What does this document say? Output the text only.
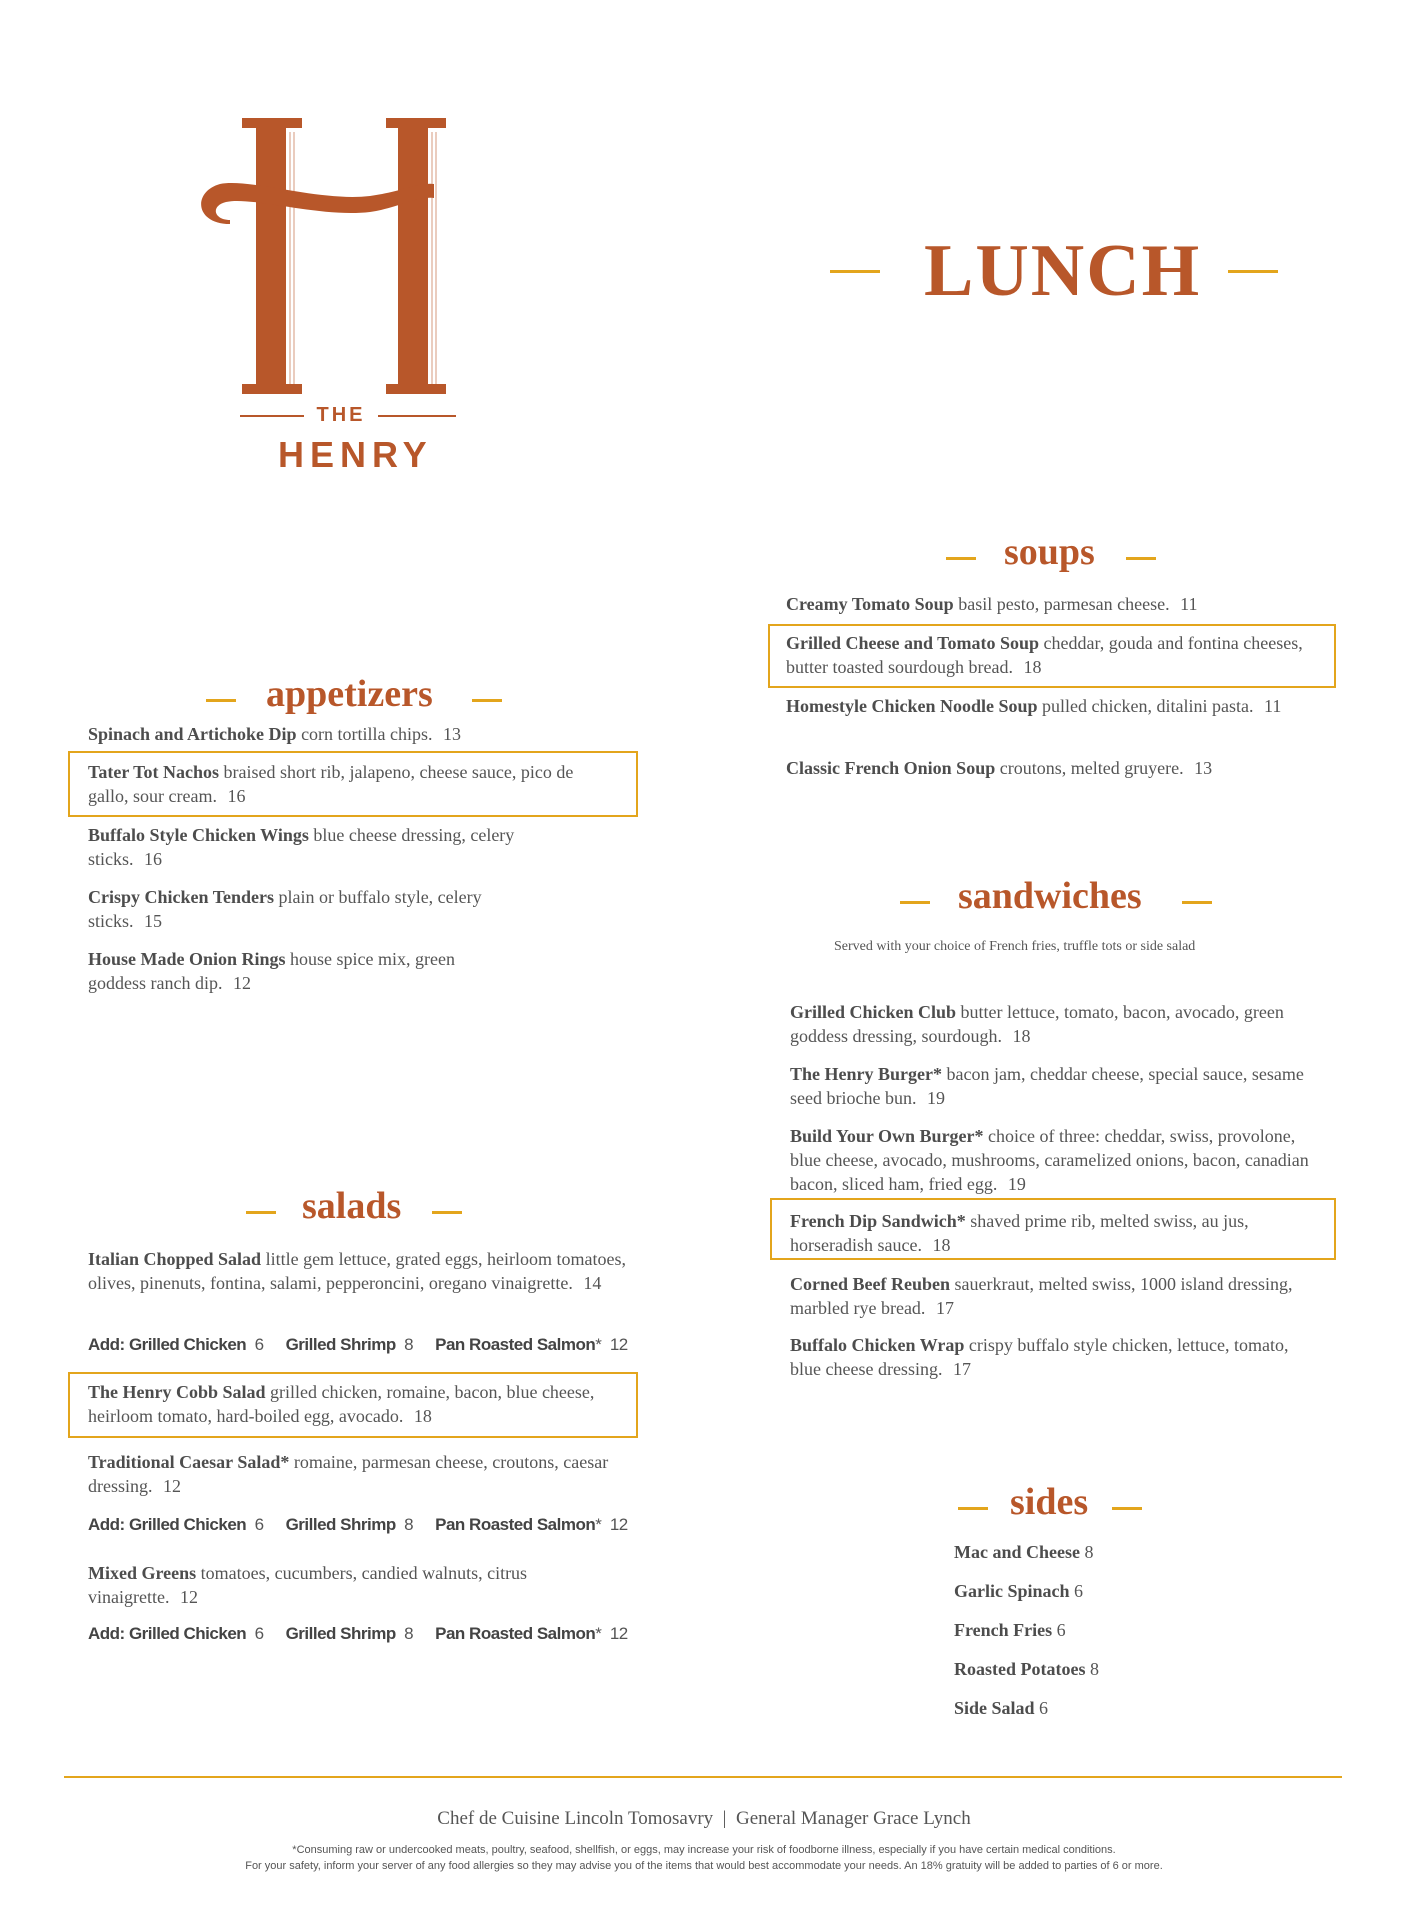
THE
HENRY
LUNCH
appetizers
Spinach and Artichoke Dip corn tortilla chips. 13
Tater Tot Nachos braised short rib, jalapeno, cheese sauce, pico de gallo, sour cream. 16
Buffalo Style Chicken Wings blue cheese dressing, celery sticks. 16
Crispy Chicken Tenders plain or buffalo style, celery sticks. 15
House Made Onion Rings house spice mix, green goddess ranch dip. 12
salads
Italian Chopped Salad little gem lettuce, grated eggs, heirloom tomatoes, olives, pinenuts, fontina, salami, pepperoncini, oregano vinaigrette. 14
Add: Grilled Chicken 6 Grilled Shrimp 8 Pan Roasted Salmon* 12
The Henry Cobb Salad grilled chicken, romaine, bacon, blue cheese, heirloom tomato, hard-boiled egg, avocado. 18
Traditional Caesar Salad* romaine, parmesan cheese, croutons, caesar dressing. 12
Add: Grilled Chicken 6 Grilled Shrimp 8 Pan Roasted Salmon* 12
Mixed Greens tomatoes, cucumbers, candied walnuts, citrus vinaigrette. 12
Add: Grilled Chicken 6 Grilled Shrimp 8 Pan Roasted Salmon* 12
soups
Creamy Tomato Soup basil pesto, parmesan cheese. 11
Grilled Cheese and Tomato Soup cheddar, gouda and fontina cheeses, butter toasted sourdough bread. 18
Homestyle Chicken Noodle Soup pulled chicken, ditalini pasta. 11
Classic French Onion Soup croutons, melted gruyere. 13
sandwiches
Served with your choice of French fries, truffle tots or side salad
Grilled Chicken Club butter lettuce, tomato, bacon, avocado, green goddess dressing, sourdough. 18
The Henry Burger* bacon jam, cheddar cheese, special sauce, sesame seed brioche bun. 19
Build Your Own Burger* choice of three: cheddar, swiss, provolone, blue cheese, avocado, mushrooms, caramelized onions, bacon, canadian bacon, sliced ham, fried egg. 19
French Dip Sandwich* shaved prime rib, melted swiss, au jus, horseradish sauce. 18
Corned Beef Reuben sauerkraut, melted swiss, 1000 island dressing, marbled rye bread. 17
Buffalo Chicken Wrap crispy buffalo style chicken, lettuce, tomato, blue cheese dressing. 17
sides
Mac and Cheese 8
Garlic Spinach 6
French Fries 6
Roasted Potatoes 8
Side Salad 6
Chef de Cuisine Lincoln Tomosavry  |  General Manager Grace Lynch
*Consuming raw or undercooked meats, poultry, seafood, shellfish, or eggs, may increase your risk of foodborne illness, especially if you have certain medical conditions.
For your safety, inform your server of any food allergies so they may advise you of the items that would best accommodate your needs. An 18% gratuity will be added to parties of 6 or more.
